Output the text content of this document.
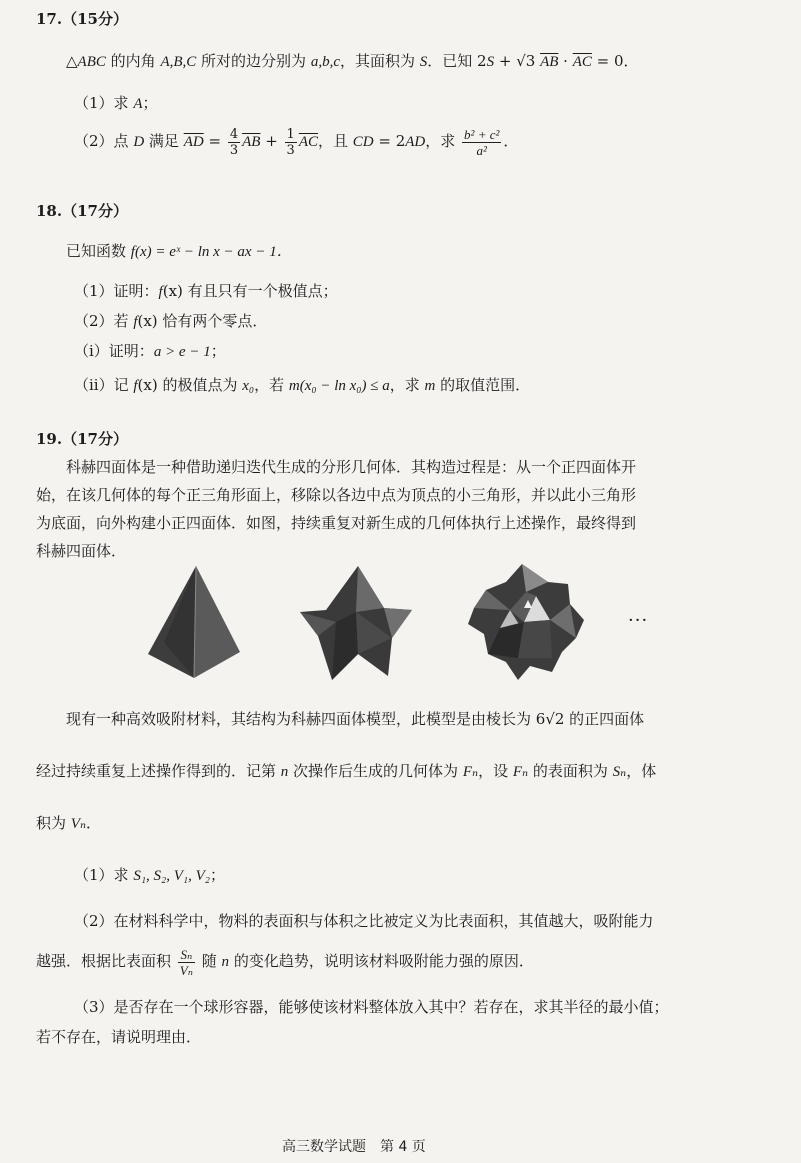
17.（15分）
△ABC 的内角 A,B,C 所对的边分别为 a,b,c，其面积为 S．已知 2S + √3 $\overline{AB} \cdot \overline{AC} = 0$．
（1）求 A；
（2）点 D 满足 $\overline{AD} = \frac{4}{3} \overline{AB} + \frac{1}{3} \overline{AC}$，且 CD = 2AD，求 $\frac{\text{b² + c²}}{\text{a²}}$ ．
18.（17分）
已知函数 f(x) = eˣ − ln x − ax − 1．
（1）证明：f(x) 有且只有一个极值点；
（2）若 f(x) 恰有两个零点．
（i）证明：a > e − 1；
（ii）记 f(x) 的极值点为 x₀，若 m(x₀ − ln x₀) ≤ a，求 m 的取值范围．
19.（17分）
科赫四面体是一种借助递归迭代生成的分形几何体．其构造过程是：从一个正四面体开
始，在该几何体的每个正三角形面上，移除以各边中点为顶点的小三角形，并以此小三角形
为底面，向外构建小正四面体．如图，持续重复对新生成的几何体执行上述操作，最终得到
科赫四面体．
···
现有一种高效吸附材料，其结构为科赫四面体模型，此模型是由棱长为 6√2 的正四面体
经过持续重复上述操作得到的．记第 n 次操作后生成的几何体为 Fₙ，设 Fₙ 的表面积为 Sₙ，体
积为 Vₙ．
（1）求 S₁, S₂, V₁, V₂；
（2）在材料科学中，物料的表面积与体积之比被定义为比表面积，其值越大，吸附能力
越强．根据比表面积 $\frac{\text{Sₙ}}{\text{Vₙ}}$ 随 n 的变化趋势，说明该材料吸附能力强的原因．
（3）是否存在一个球形容器，能够使该材料整体放入其中？若存在，求其半径的最小值；
若不存在，请说明理由．
高三数学试题　第 4 页
